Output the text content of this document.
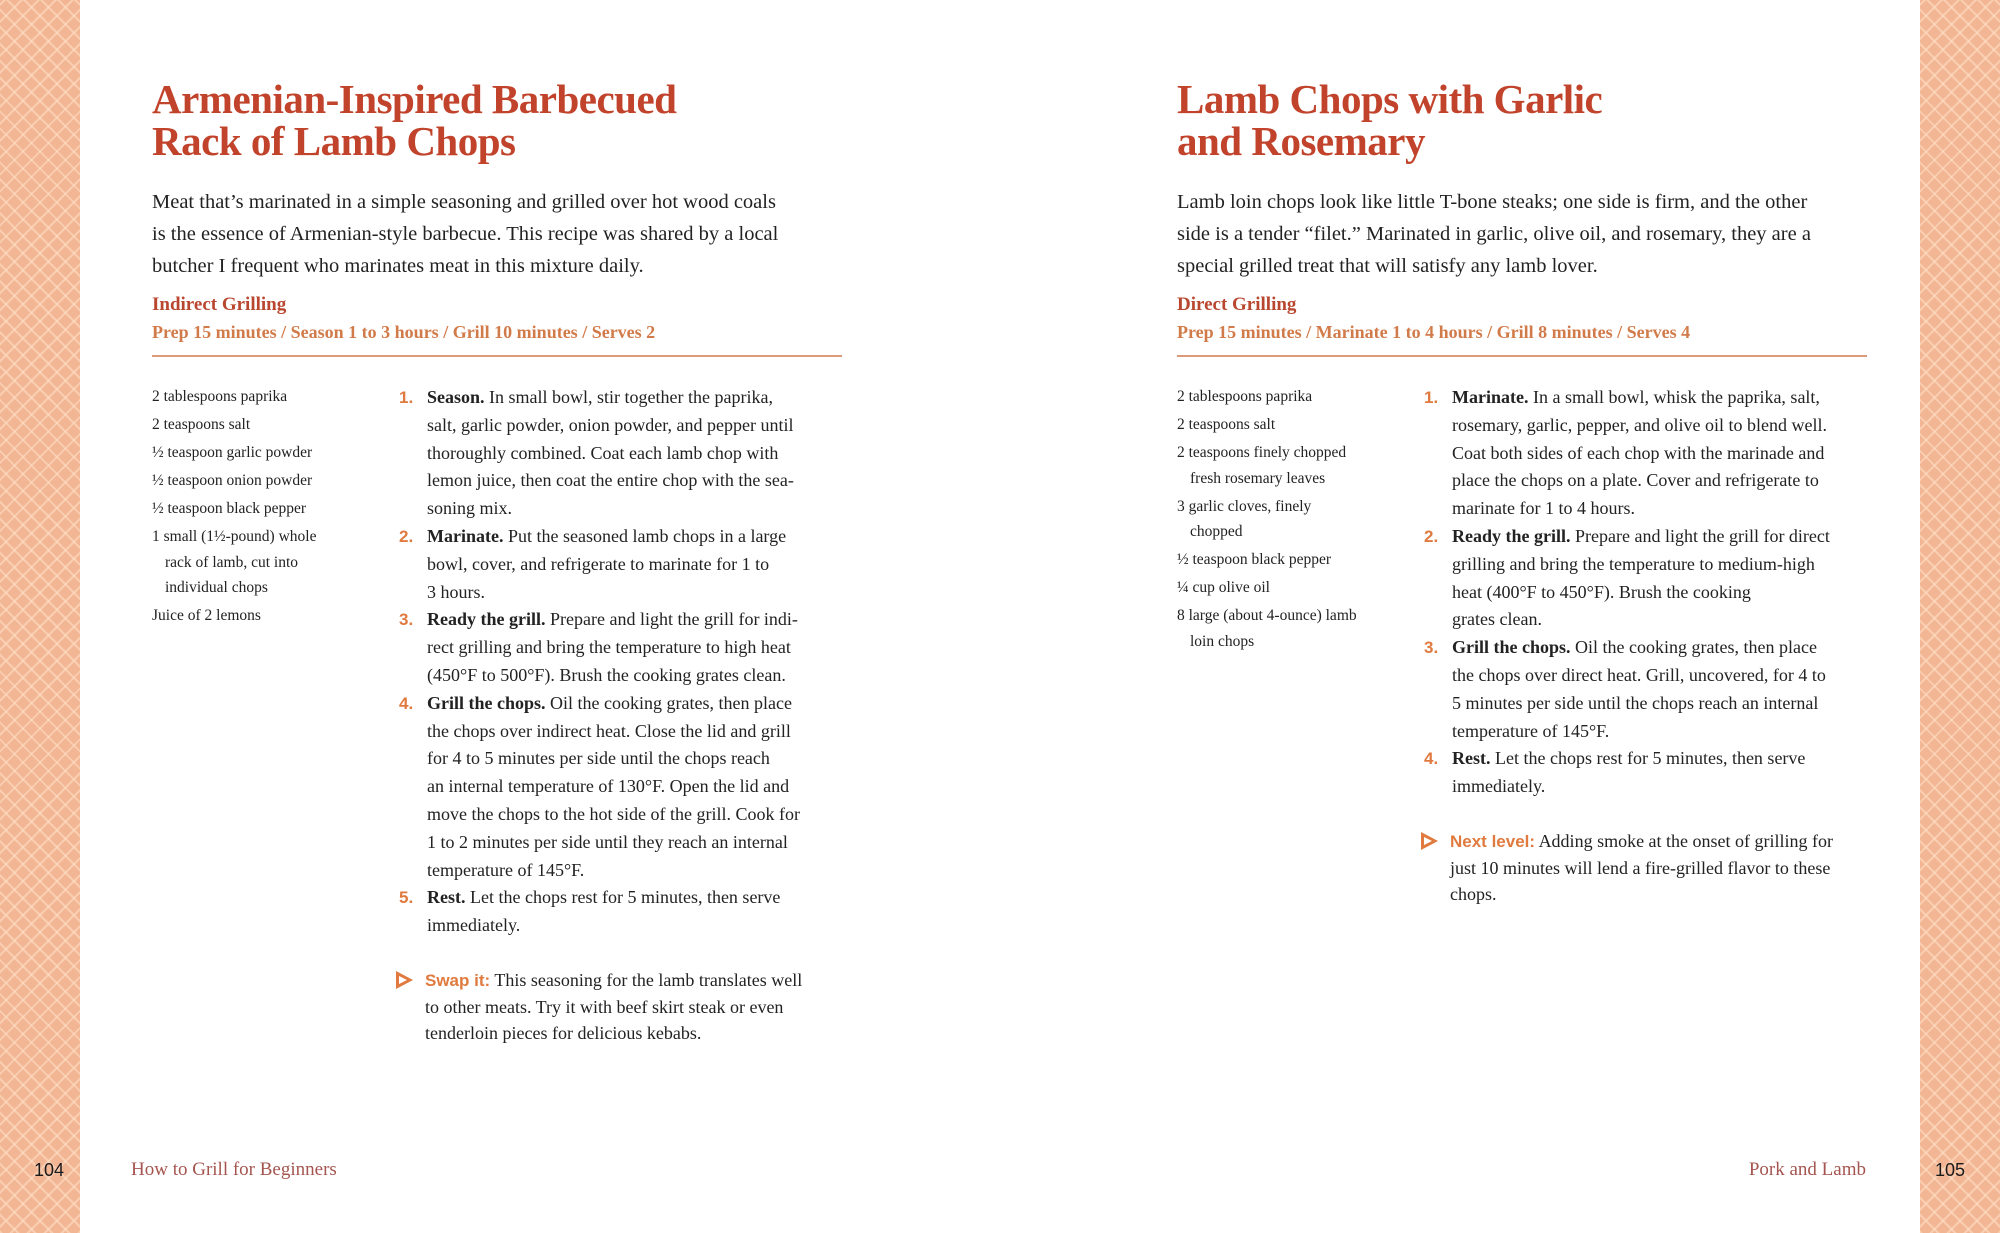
104	How to Grill for Beginners	Pork and Lamb	105
Armenian-Inspired Barbecued
Rack of Lamb Chops
Meat that’s marinated in a simple seasoning and grilled over hot wood coals
is the essence of Armenian-style barbecue. This recipe was shared by a local
butcher I frequent who marinates meat in this mixture daily.
Indirect Grilling
Prep 15 minutes / Season 1 to 3 hours / Grill 10 minutes / Serves 2
2 tablespoons paprika
2 teaspoons salt
½ teaspoon garlic powder
½ teaspoon onion powder
½ teaspoon black pepper
1 small (1½-pound) whole
rack of lamb, cut into
individual chops
Juice of 2 lemons
1. Season. In small bowl, stir together the paprika,
salt, garlic powder, onion powder, and pepper until
thoroughly combined. Coat each lamb chop with
lemon juice, then coat the entire chop with the sea-
soning mix.
2. Marinate. Put the seasoned lamb chops in a large
bowl, cover, and refrigerate to marinate for 1 to
3 hours.
3. Ready the grill. Prepare and light the grill for indi-
rect grilling and bring the temperature to high heat
(450°F to 500°F). Brush the cooking grates clean.
4. Grill the chops. Oil the cooking grates, then place
the chops over indirect heat. Close the lid and grill
for 4 to 5 minutes per side until the chops reach
an internal temperature of 130°F. Open the lid and
move the chops to the hot side of the grill. Cook for
1 to 2 minutes per side until they reach an internal
temperature of 145°F.
5. Rest. Let the chops rest for 5 minutes, then serve
immediately.
Swap it: This seasoning for the lamb translates well
to other meats. Try it with beef skirt steak or even
tenderloin pieces for delicious kebabs.
Lamb Chops with Garlic
and Rosemary
Lamb loin chops look like little T-bone steaks; one side is firm, and the other
side is a tender “filet.” Marinated in garlic, olive oil, and rosemary, they are a
special grilled treat that will satisfy any lamb lover.
Direct Grilling
Prep 15 minutes / Marinate 1 to 4 hours / Grill 8 minutes / Serves 4
2 tablespoons paprika
2 teaspoons salt
2 teaspoons finely chopped
fresh rosemary leaves
3 garlic cloves, finely
chopped
½ teaspoon black pepper
¼ cup olive oil
8 large (about 4-ounce) lamb
loin chops
1. Marinate. In a small bowl, whisk the paprika, salt,
rosemary, garlic, pepper, and olive oil to blend well.
Coat both sides of each chop with the marinade and
place the chops on a plate. Cover and refrigerate to
marinate for 1 to 4 hours.
2. Ready the grill. Prepare and light the grill for direct
grilling and bring the temperature to medium-high
heat (400°F to 450°F). Brush the cooking
grates clean.
3. Grill the chops. Oil the cooking grates, then place
the chops over direct heat. Grill, uncovered, for 4 to
5 minutes per side until the chops reach an internal
temperature of 145°F.
4. Rest. Let the chops rest for 5 minutes, then serve
immediately.
Next level: Adding smoke at the onset of grilling for
just 10 minutes will lend a fire-grilled flavor to these
chops.
